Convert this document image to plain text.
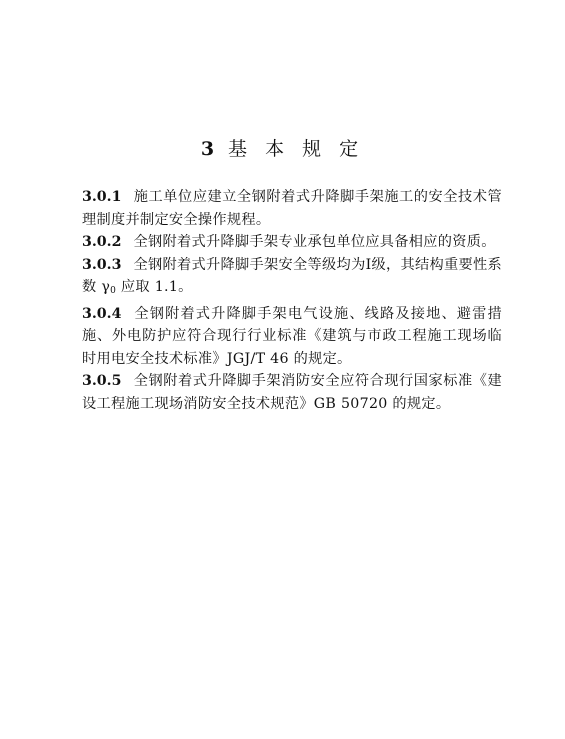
3 基 本 规 定

3.0.1 施工单位应建立全钢附着式升降脚手架施工的安全技术管理制度并制定安全操作规程。

3.0.2 全钢附着式升降脚手架专业承包单位应具备相应的资质。

3.0.3 全钢附着式升降脚手架安全等级均为Ⅰ级，其结构重要性系数 $\gamma_0$ 应取 1.1。

3.0.4 全钢附着式升降脚手架电气设施、线路及接地、避雷措施、外电防护应符合现行行业标准《建筑与市政工程施工现场临时用电安全技术标准》JGJ/T 46 的规定。

3.0.5 全钢附着式升降脚手架消防安全应符合现行国家标准《建设工程施工现场消防安全技术规范》GB 50720 的规定。
